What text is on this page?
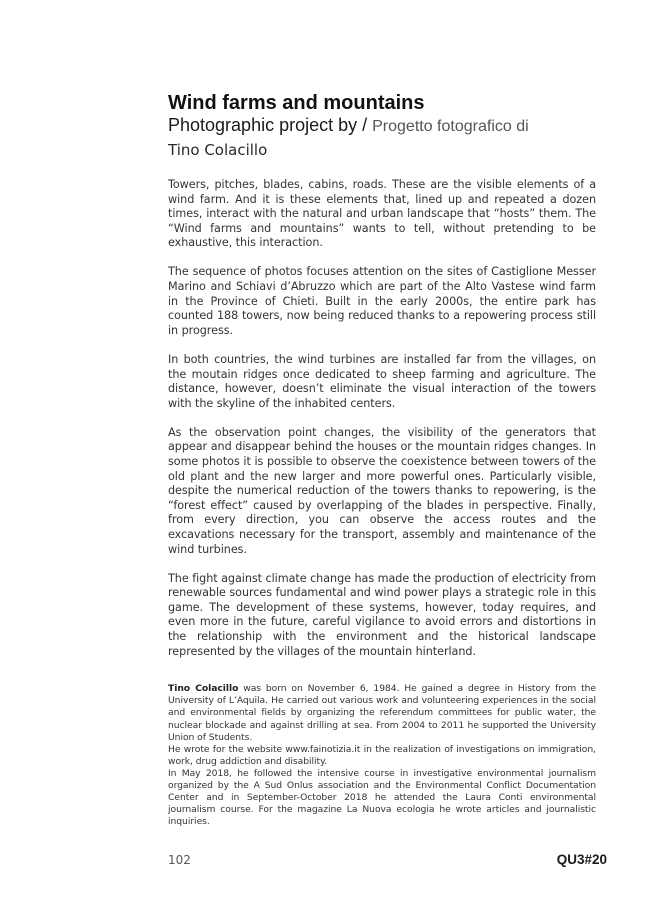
Wind farms and mountains
Photographic project by / Progetto fotografico di
Tino Colacillo

Towers, pitches, blades, cabins, roads. These are the visible elements of a wind farm. And it is these elements that, lined up and repeated a dozen times, interact with the natural and urban landscape that “hosts” them. The “Wind farms and mountains” wants to tell, without pretending to be exhaustive, this interaction.

The sequence of photos focuses attention on the sites of Castiglione Messer Marino and Schiavi d’Abruzzo which are part of the Alto Vastese wind farm in the Province of Chieti. Built in the early 2000s, the entire park has counted 188 towers, now being reduced thanks to a repowering process still in progress.

In both countries, the wind turbines are installed far from the villages, on the moutain ridges once dedicated to sheep farming and agriculture. The distance, however, doesn’t eliminate the visual interaction of the towers with the skyline of the inhabited centers.

As the observation point changes, the visibility of the generators that appear and disappear behind the houses or the mountain ridges changes. In some photos it is possible to observe the coexistence between towers of the old plant and the new larger and more powerful ones. Particularly visible, despite the numerical reduction of the towers thanks to repowering, is the “forest effect” caused by overlapping of the blades in perspective. Finally, from every direction, you can observe the access routes and the excavations necessary for the transport, assembly and maintenance of the wind turbines.

The fight against climate change has made the production of electricity from renewable sources fundamental and wind power plays a strategic role in this game. The development of these systems, however, today requires, and even more in the future, careful vigilance to avoid errors and distortions in the relationship with the environment and the historical landscape represented by the villages of the mountain hinterland.

Tino Colacillo was born on November 6, 1984. He gained a degree in History from the University of L’Aquila. He carried out various work and volunteering experiences in the social and environmental fields by organizing the referendum committees for public water, the nuclear blockade and against drilling at sea. From 2004 to 2011 he supported the University Union of Students.

He wrote for the website www.fainotizia.it in the realization of investigations on immigration, work, drug addiction and disability.

In May 2018, he followed the intensive course in investigative environmental journalism organized by the A Sud Onlus association and the Environmental Conflict Documentation Center and in September-October 2018 he attended the Laura Conti environmental journalism course. For the magazine La Nuova ecologia he wrote articles and journalistic inquiries.

102	QU3#20
